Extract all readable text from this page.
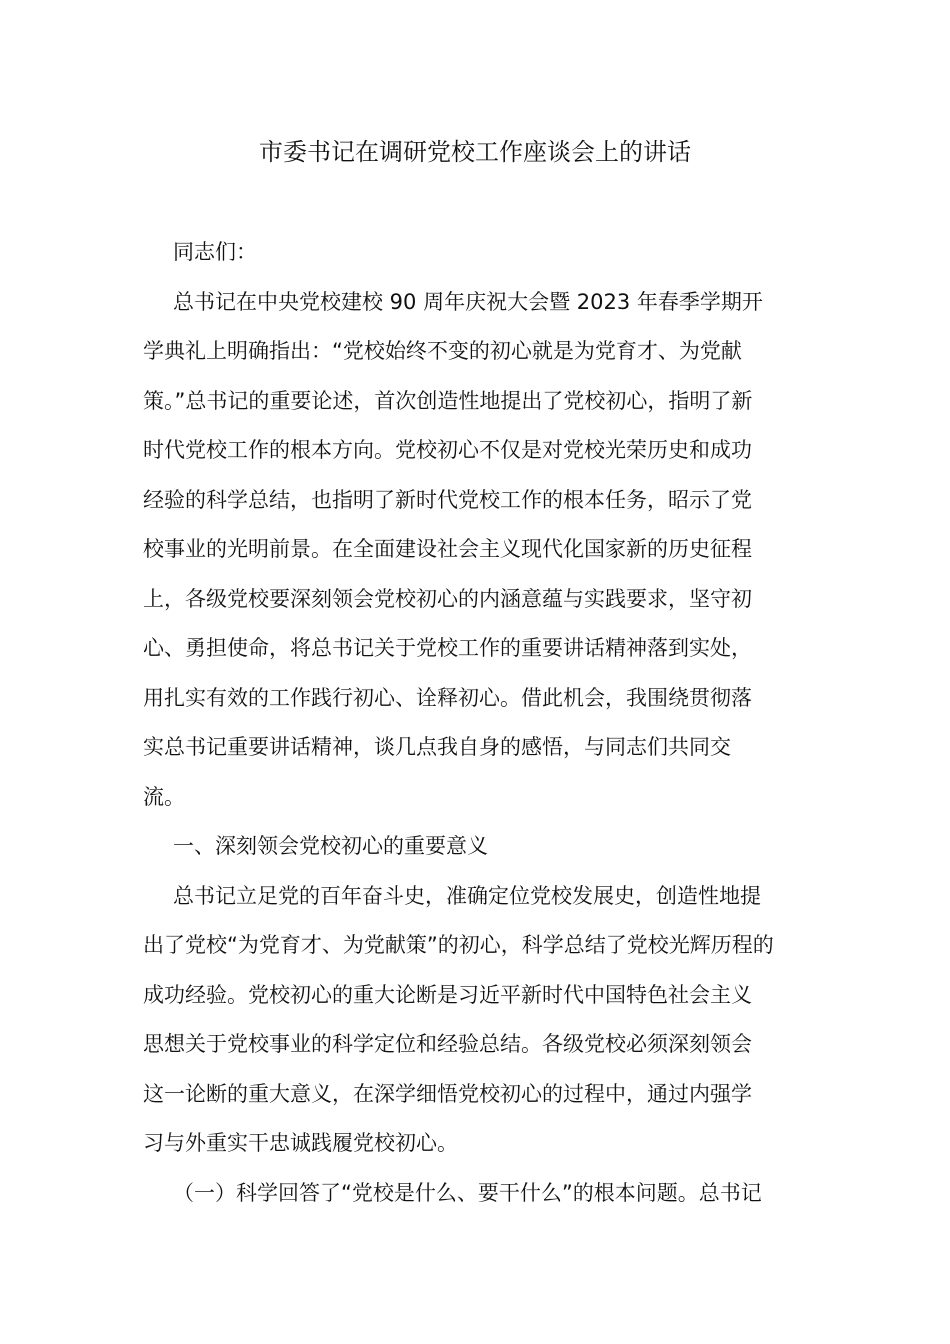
市委书记在调研党校工作座谈会上的讲话
同志们：
总书记在中央党校建校 90 周年庆祝大会暨 2023 年春季学期开
学典礼上明确指出：“党校始终不变的初心就是为党育才、为党献
策。”总书记的重要论述，首次创造性地提出了党校初心，指明了新
时代党校工作的根本方向。党校初心不仅是对党校光荣历史和成功
经验的科学总结，也指明了新时代党校工作的根本任务，昭示了党
校事业的光明前景。在全面建设社会主义现代化国家新的历史征程
上，各级党校要深刻领会党校初心的内涵意蕴与实践要求，坚守初
心、勇担使命，将总书记关于党校工作的重要讲话精神落到实处，
用扎实有效的工作践行初心、诠释初心。借此机会，我围绕贯彻落
实总书记重要讲话精神，谈几点我自身的感悟，与同志们共同交
流。
一、深刻领会党校初心的重要意义
总书记立足党的百年奋斗史，准确定位党校发展史，创造性地提
出了党校“为党育才、为党献策”的初心，科学总结了党校光辉历程的
成功经验。党校初心的重大论断是习近平新时代中国特色社会主义
思想关于党校事业的科学定位和经验总结。各级党校必须深刻领会
这一论断的重大意义，在深学细悟党校初心的过程中，通过内强学
习与外重实干忠诚践履党校初心。
（一）科学回答了“党校是什么、要干什么”的根本问题。总书记
